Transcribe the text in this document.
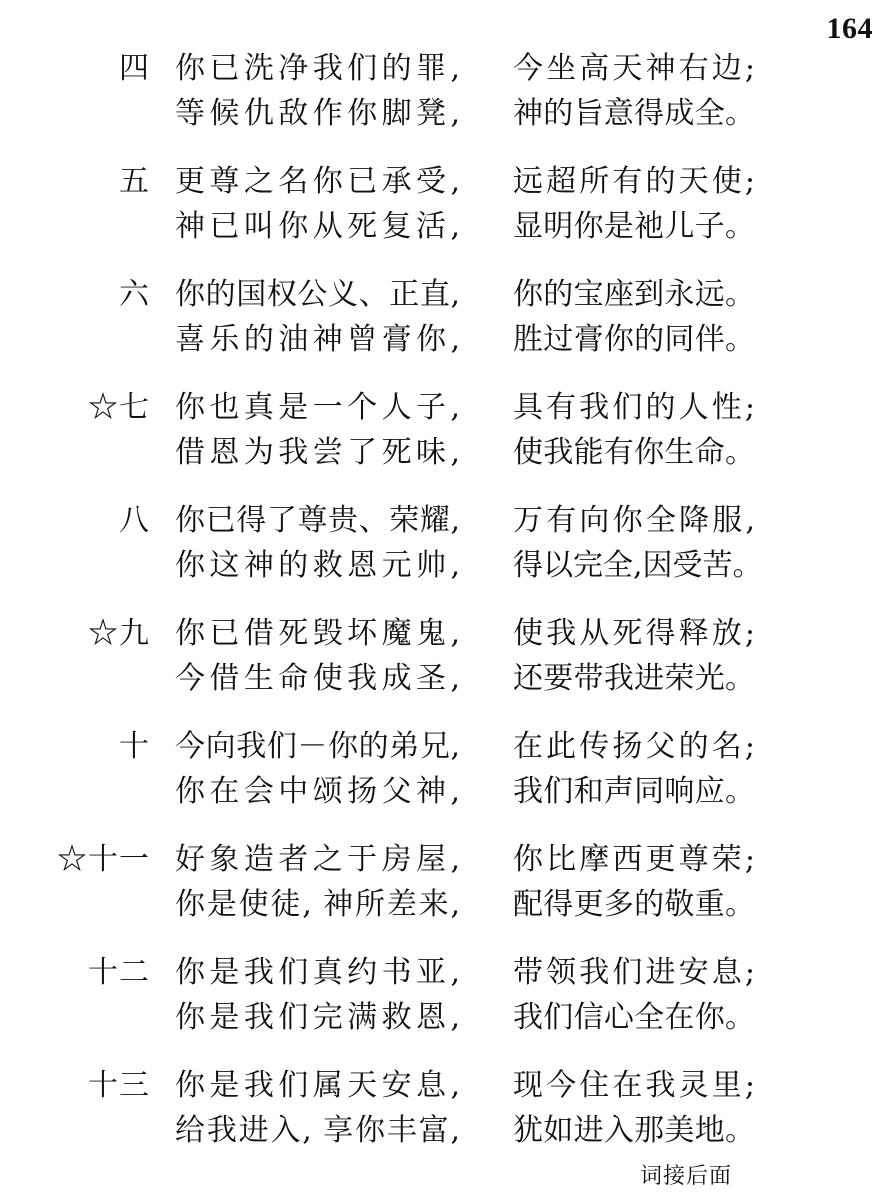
164
四 你已洗净我们的罪, 今坐高天神右边;
等候仇敌作你脚凳, 神的旨意得成全。
五 更尊之名你已承受, 远超所有的天使;
神已叫你从死复活, 显明你是祂儿子。
六 你的国权公义、正直, 你的宝座到永远。
喜乐的油神曾膏你, 胜过膏你的同伴。
☆七 你也真是一个人子, 具有我们的人性;
借恩为我尝了死味, 使我能有你生命。
八 你已得了尊贵、荣耀, 万有向你全降服,
你这神的救恩元帅, 得以完全,因受苦。
☆九 你已借死毁坏魔鬼, 使我从死得释放;
今借生命使我成圣, 还要带我进荣光。
十 今向我们－你的弟兄, 在此传扬父的名;
你在会中颂扬父神, 我们和声同响应。
☆十一 好象造者之于房屋, 你比摩西更尊荣;
你是使徒, 神所差来, 配得更多的敬重。
十二 你是我们真约书亚, 带领我们进安息;
你是我们完满救恩, 我们信心全在你。
十三 你是我们属天安息, 现今住在我灵里;
给我进入, 享你丰富, 犹如进入那美地。
词接后面
